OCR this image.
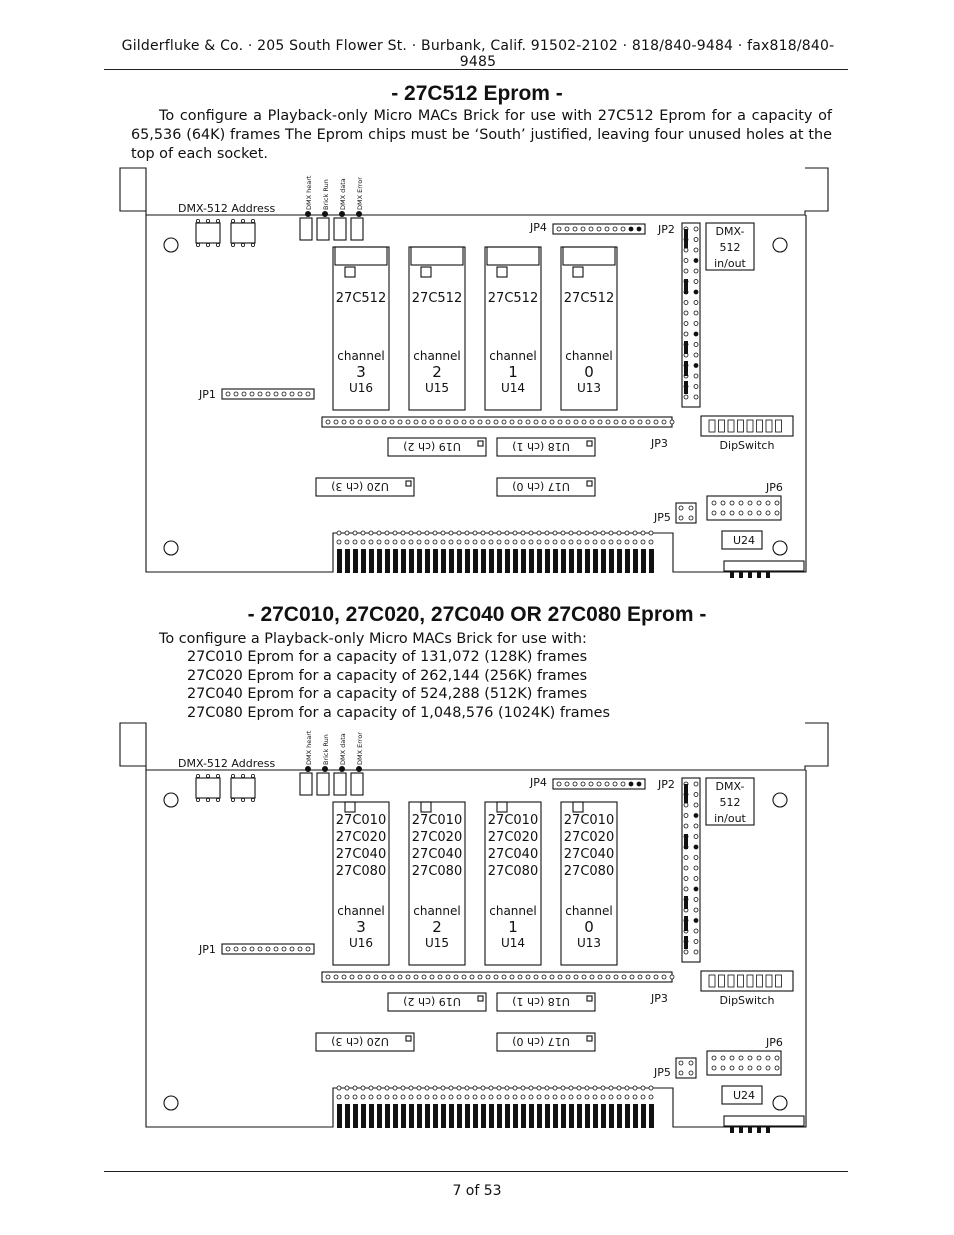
Gilderfluke & Co. · 205 South Flower St. · Burbank, Calif. 91502-2102 · 818/840-9484 · fax818/840-9485
- 27C512 Eprom -
To configure a Playback-only Micro MACs Brick for use with 27C512 Eprom for a capacity of 65,536 (64K) frames The Eprom chips must be ‘South’ justified, leaving four unused holes at the top of each socket.
DMX-512 Address	DMX heart Brick Run DMX data DMX Error
JP4	JP2	DMX-
512
in/out
JP1
27C512
channel
3
U16
27C512
channel
2
U15
27C512
channel
1
U14
27C512
channel
0
U13
JP3	DipSwitch
U19 (ch 2)	U18 (ch 1)
U20 (ch 3)	U17 (ch 0)
JP5
JP6
U24
- 27C010, 27C020, 27C040 OR 27C080 Eprom -
To configure a Playback-only Micro MACs Brick for use with:
27C010 Eprom for a capacity of 131,072 (128K) frames
27C020 Eprom for a capacity of 262,144 (256K) frames
27C040 Eprom for a capacity of 524,288 (512K) frames
27C080 Eprom for a capacity of 1,048,576 (1024K) frames
DMX-512 Address	DMX heart Brick Run DMX data DMX Error
JP4	JP2	DMX-
512
in/out
JP1
27C010
27C020
27C040
27C080
channel
3
U16
27C010
27C020
27C040
27C080
channel
2
U15
27C010
27C020
27C040
27C080
channel
1
U14
27C010
27C020
27C040
27C080
channel
0
U13
JP3	DipSwitch
U19 (ch 2)	U18 (ch 1)
U20 (ch 3)	U17 (ch 0)
JP5
JP6
U24
7 of 53
